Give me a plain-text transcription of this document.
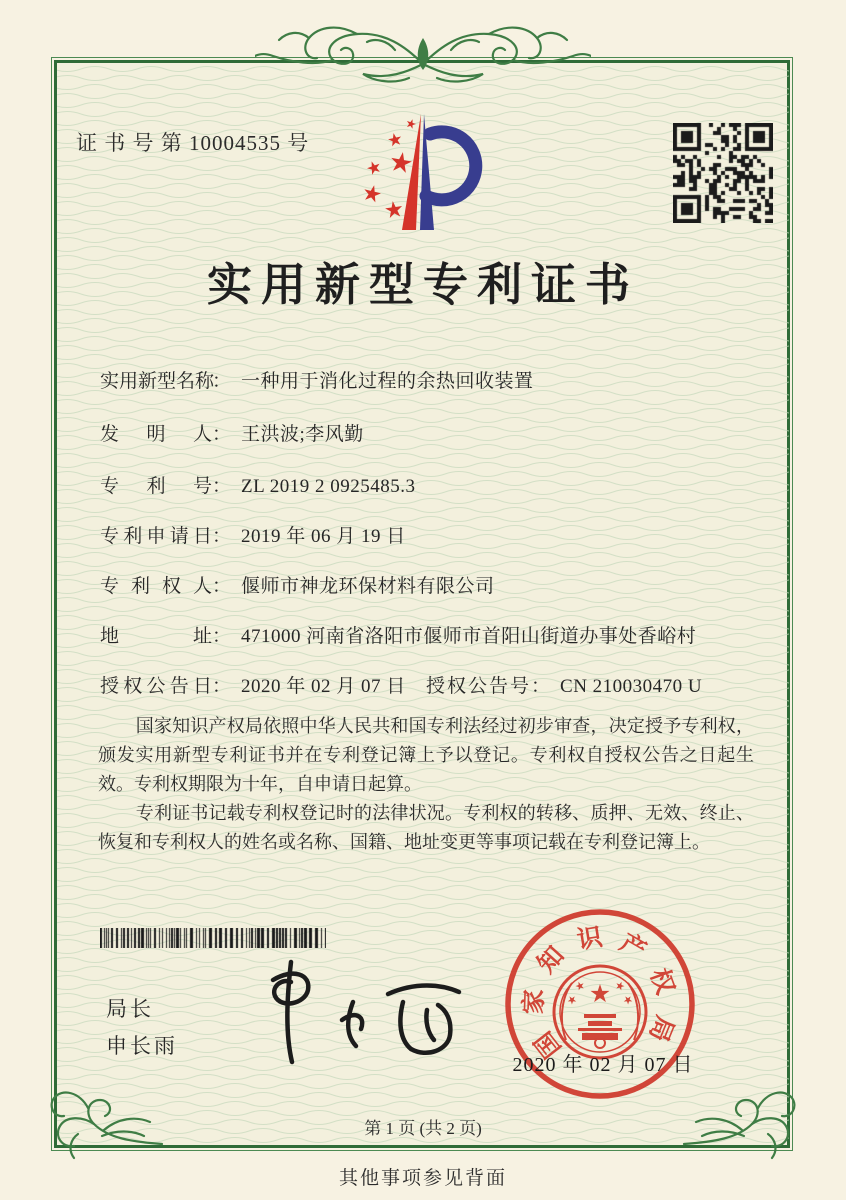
证 书 号 第 10004535 号
实用新型专利证书
实用新型名称： 一种用于消化过程的余热回收装置
发明人： 王洪波;李风勤
专利号： ZL 2019 2 0925485.3
专利申请日： 2019 年 06 月 19 日
专利权人： 偃师市神龙环保材料有限公司
地址： 471000 河南省洛阳市偃师市首阳山街道办事处香峪村
授权公告日： 2020 年 02 月 07 日 授权公告号： CN 210030470 U

国家知识产权局依照中华人民共和国专利法经过初步审查，决定授予专利权，颁发实用新型专利证书并在专利登记簿上予以登记。专利权自授权公告之日起生效。专利权期限为十年，自申请日起算。

专利证书记载专利权登记时的法律状况。专利权的转移、质押、无效、终止、恢复和专利权人的姓名或名称、国籍、地址变更等事项记载在专利登记簿上。

局长
申长雨	国
家
知
识 产
权
局
2020 年 02 月 07 日
第 1 页 (共 2 页)
其他事项参见背面
